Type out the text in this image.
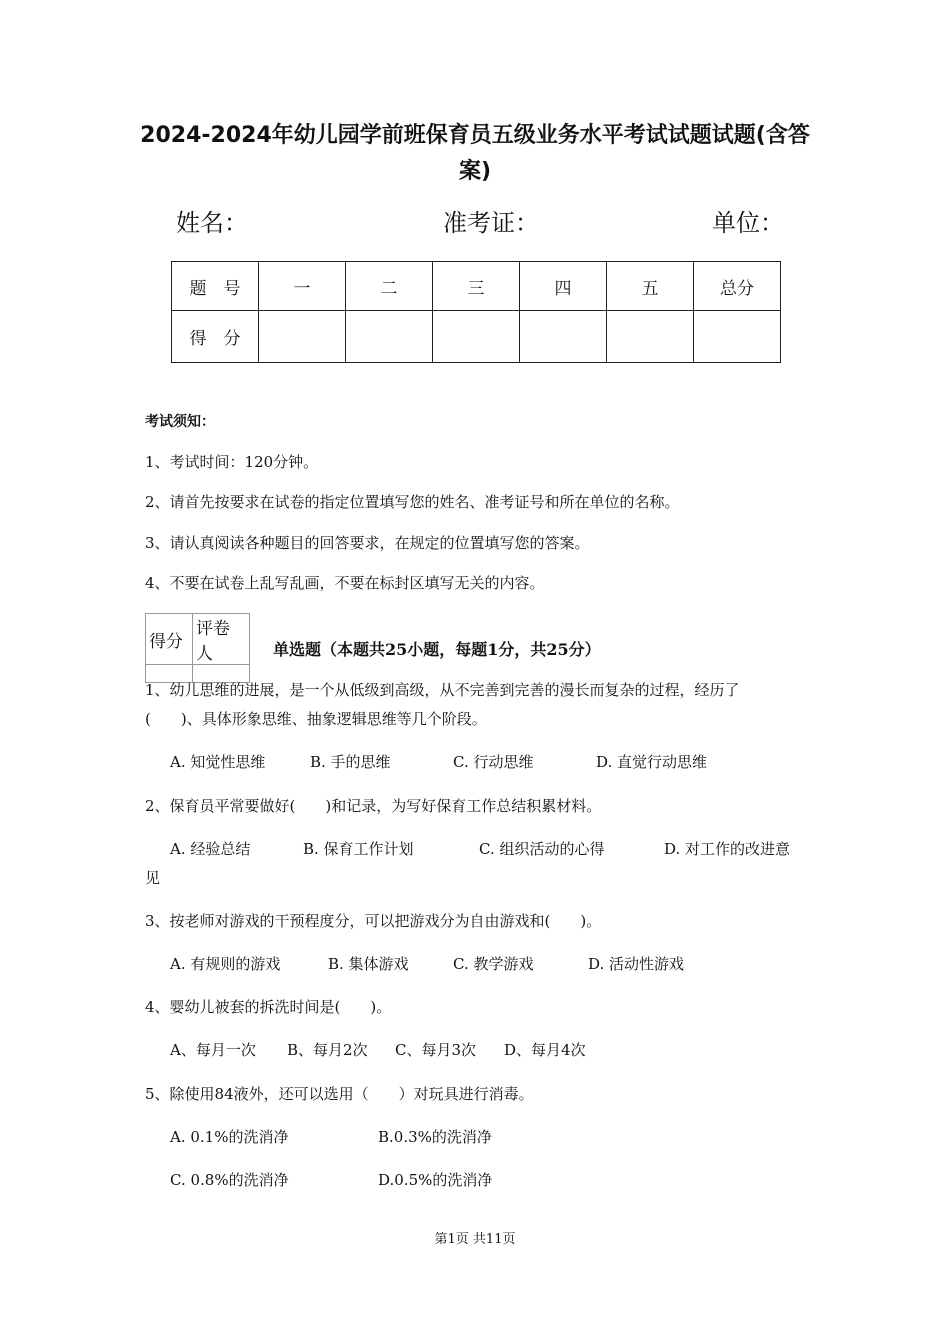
2024-2024年幼儿园学前班保育员五级业务水平考试试题试题(含答
案)
姓名：	准考证：	单位：
题　号	一	二	三	四	五	总分
得　分						
考试须知：
1、考试时间：120分钟。
2、请首先按要求在试卷的指定位置填写您的姓名、准考证号和所在单位的名称。
3、请认真阅读各种题目的回答要求，在规定的位置填写您的答案。
4、不要在试卷上乱写乱画，不要在标封区填写无关的内容。
得分	评卷人
		单选题（本题共25小题，每题1分，共25分）
1、幼儿思维的进展，是一个从低级到高级，从不完善到完善的漫长而复杂的过程，经历了
(　　)、具体形象思维、抽象逻辑思维等几个阶段。
A. 知觉性思维	B. 手的思维	C. 行动思维	D. 直觉行动思维
2、保育员平常要做好(　　)和记录，为写好保育工作总结积累材料。
A. 经验总结	B. 保育工作计划	C. 组织活动的心得	D. 对工作的改进意
见
3、按老师对游戏的干预程度分，可以把游戏分为自由游戏和(　　)。
A. 有规则的游戏	B. 集体游戏	C. 教学游戏	D. 活动性游戏
4、婴幼儿被套的拆洗时间是(　　)。
A、每月一次 B、每月2次 C、每月3次 D、每月4次
5、除使用84液外，还可以选用（　　）对玩具进行消毒。
A. 0.1%的洗消净	B.0.3%的洗消净
C. 0.8%的洗消净	D.0.5%的洗消净
第1页 共11页
